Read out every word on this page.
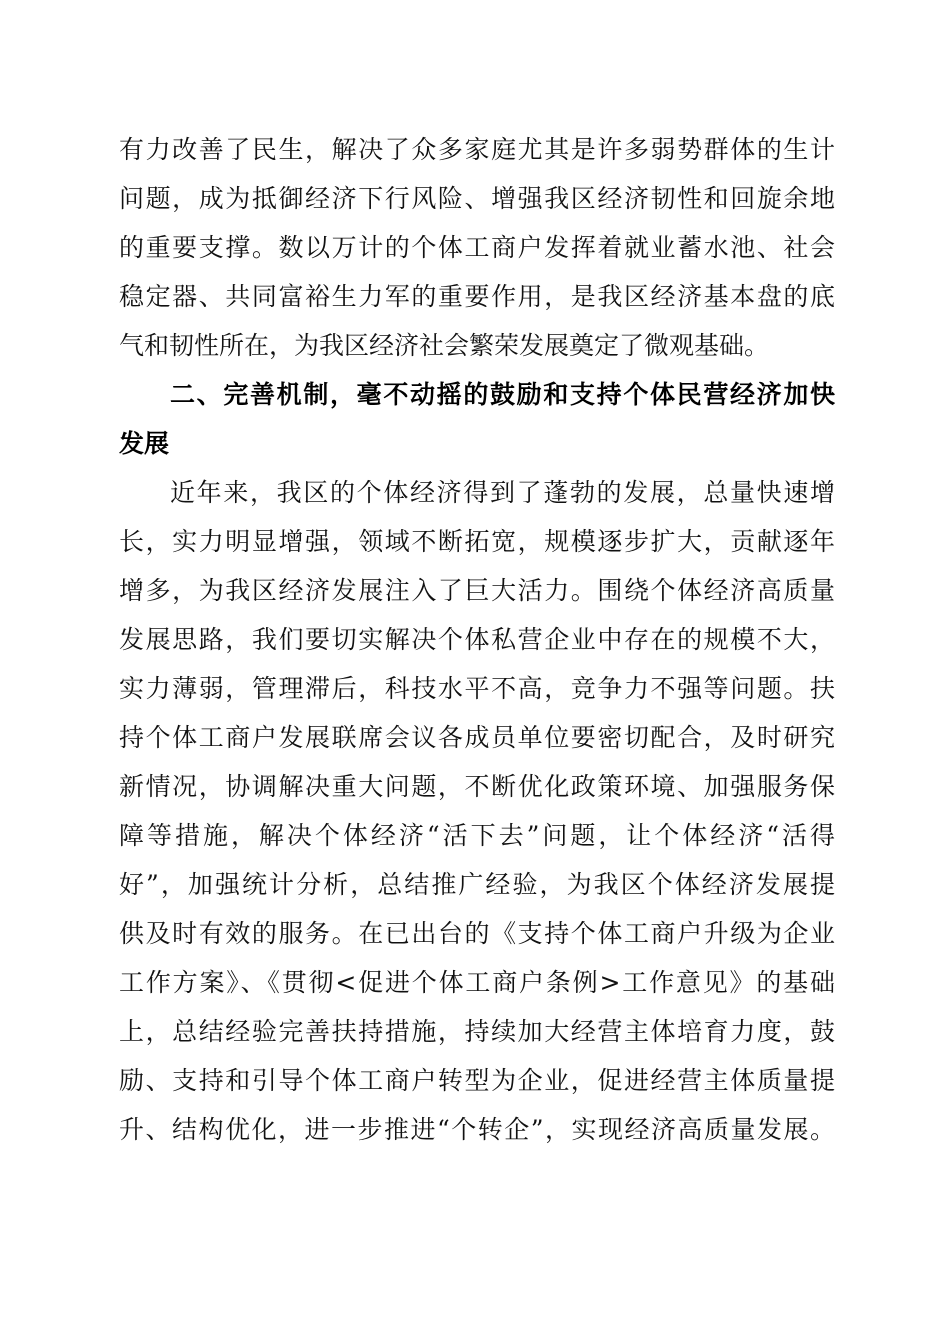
有力改善了民生，解决了众多家庭尤其是许多弱势群体的生计
问题，成为抵御经济下行风险、增强我区经济韧性和回旋余地
的重要支撑。数以万计的个体工商户发挥着就业蓄水池、社会
稳定器、共同富裕生力军的重要作用，是我区经济基本盘的底
气和韧性所在，为我区经济社会繁荣发展奠定了微观基础。
二、完善机制，毫不动摇的鼓励和支持个体民营经济加快
发展
近年来，我区的个体经济得到了蓬勃的发展，总量快速增
长，实力明显增强，领域不断拓宽，规模逐步扩大，贡献逐年
增多，为我区经济发展注入了巨大活力。围绕个体经济高质量
发展思路，我们要切实解决个体私营企业中存在的规模不大，
实力薄弱，管理滞后，科技水平不高，竞争力不强等问题。扶
持个体工商户发展联席会议各成员单位要密切配合，及时研究
新情况，协调解决重大问题，不断优化政策环境、加强服务保
障等措施，解决个体经济“活下去”问题，让个体经济“活得
好”，加强统计分析，总结推广经验，为我区个体经济发展提
供及时有效的服务。在已出台的《支持个体工商户升级为企业
工作方案》、《贯彻<促进个体工商户条例>工作意见》的基础
上，总结经验完善扶持措施，持续加大经营主体培育力度，鼓
励、支持和引导个体工商户转型为企业，促进经营主体质量提
升、结构优化，进一步推进“个转企”，实现经济高质量发展。
